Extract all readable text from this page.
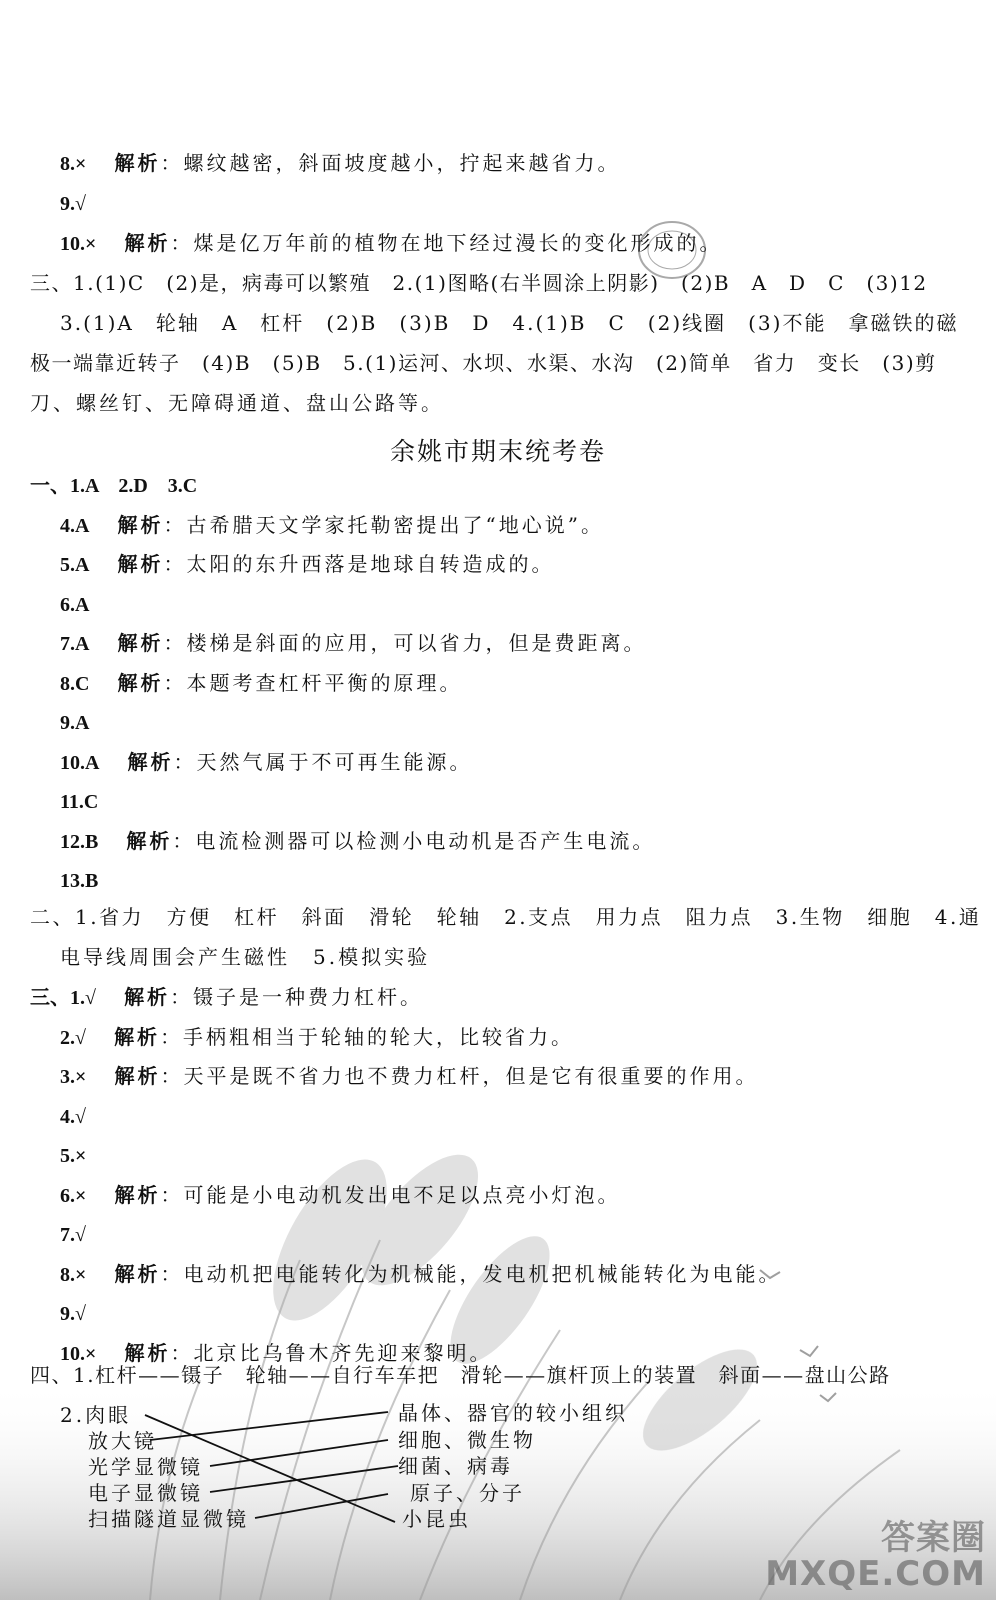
8.× 解析：螺纹越密，斜面坡度越小，拧起来越省力。
9.√
10.× 解析：煤是亿万年前的植物在地下经过漫长的变化形成的。
三、1.(1)C　(2)是，病毒可以繁殖　2.(1)图略(右半圆涂上阴影)　(2)B　A　D　C　(3)12
3.(1)A　轮轴　A　杠杆　(2)B　(3)B　D　4.(1)B　C　(2)线圈　(3)不能　拿磁铁的磁
极一端靠近转子　(4)B　(5)B　5.(1)运河、水坝、水渠、水沟　(2)简单　省力　变长　(3)剪
刀、螺丝钉、无障碍通道、盘山公路等。
余姚市期末统考卷
一、1.A　2.D　3.C
4.A 解析：古希腊天文学家托勒密提出了“地心说”。
5.A 解析：太阳的东升西落是地球自转造成的。
6.A
7.A 解析：楼梯是斜面的应用，可以省力，但是费距离。
8.C 解析：本题考查杠杆平衡的原理。
9.A
10.A 解析：天然气属于不可再生能源。
11.C
12.B 解析：电流检测器可以检测小电动机是否产生电流。
13.B
二、1.省力　方便　杠杆　斜面　滑轮　轮轴　2.支点　用力点　阻力点　3.生物　细胞　4.通
电导线周围会产生磁性　5.模拟实验
三、1.√ 解析：镊子是一种费力杠杆。
2.√ 解析：手柄粗相当于轮轴的轮大，比较省力。
3.× 解析：天平是既不省力也不费力杠杆，但是它有很重要的作用。
4.√
5.×
6.× 解析：可能是小电动机发出电不足以点亮小灯泡。
7.√
8.× 解析：电动机把电能转化为机械能，发电机把机械能转化为电能。
9.√
10.× 解析：北京比乌鲁木齐先迎来黎明。
四、1.杠杆——镊子　轮轴——自行车车把　滑轮——旗杆顶上的装置　斜面——盘山公路
2.肉眼
放大镜
光学显微镜
电子显微镜
扫描隧道显微镜
晶体、器官的较小组织
细胞、微生物
细菌、病毒
原子、分子
小昆虫	答案圈
MXQE.COM
